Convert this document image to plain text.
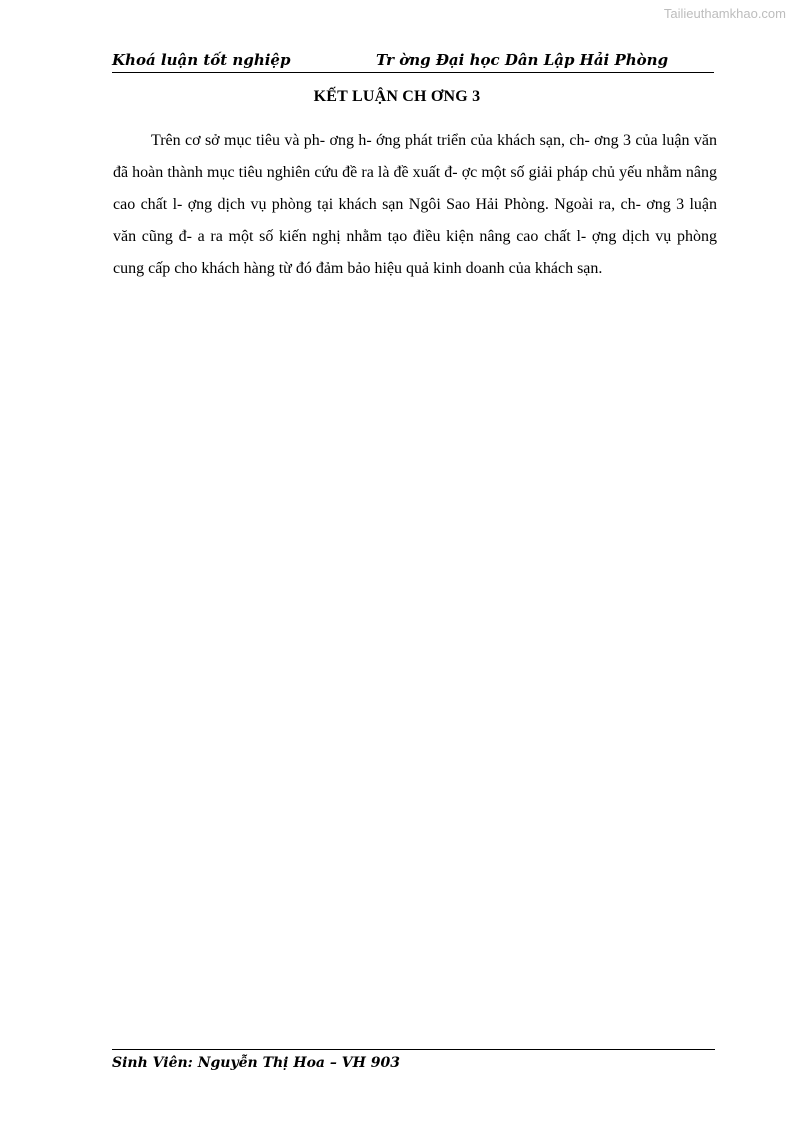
Tailieuthamkhao.com
Khoá luận tốt nghiệp	Tr ờng Đại học Dân Lập Hải Phòng
KẾT LUẬN CH ƠNG 3

Trên cơ sở mục tiêu và ph- ơng h- ớng phát triển của khách sạn, ch- ơng 3 của luận văn đã hoàn thành mục tiêu nghiên cứu đề ra là đề xuất đ- ợc một số giải pháp chủ yếu nhằm nâng cao chất l- ợng dịch vụ phòng tại khách sạn Ngôi Sao Hải Phòng. Ngoài ra, ch- ơng 3 luận văn cũng đ- a ra một số kiến nghị nhằm tạo điều kiện nâng cao chất l- ợng dịch vụ phòng cung cấp cho khách hàng từ đó đảm bảo hiệu quả kinh doanh của khách sạn.

Sinh Viên: Nguyễn Thị Hoa – VH 903
